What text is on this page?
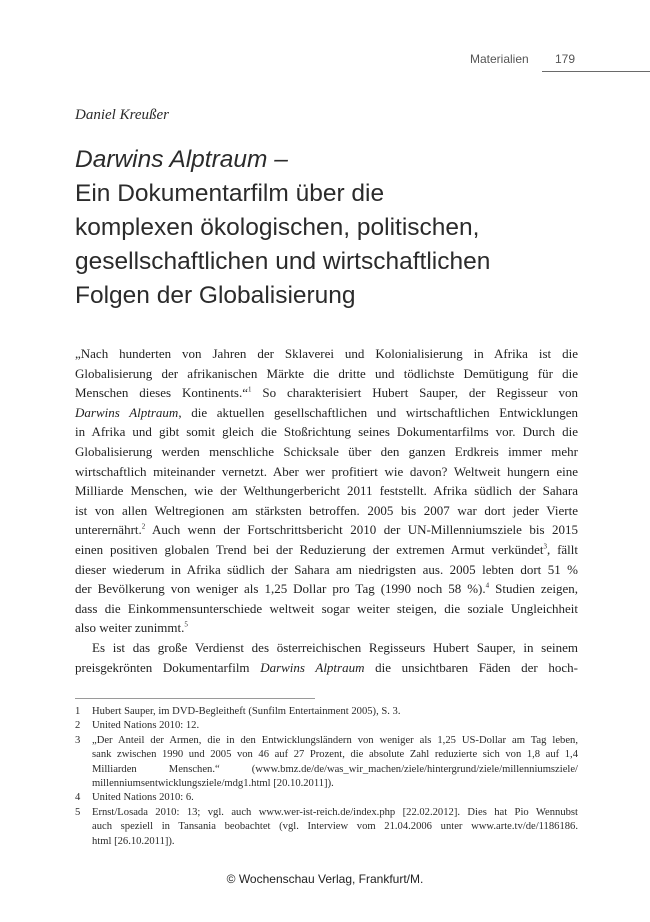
Materialien 179
Daniel Kreußer
Darwins Alptraum –
Ein Dokumentarfilm über die
komplexen ökologischen, politischen,
gesellschaftlichen und wirtschaftlichen
Folgen der Globalisierung
„Nach hunderten von Jahren der Sklaverei und Kolonialisierung in Afrika ist die
Globalisierung der afrikanischen Märkte die dritte und tödlichste Demütigung für die
Menschen dieses Kontinents.“$^1$ So charakterisiert Hubert Sauper, der Regisseur von
Darwins Alptraum, die aktuellen gesellschaftlichen und wirtschaftlichen Entwicklungen
in Afrika und gibt somit gleich die Stoßrichtung seines Dokumentarfilms vor. Durch die
Globalisierung werden menschliche Schicksale über den ganzen Erdkreis immer mehr
wirtschaftlich miteinander vernetzt. Aber wer profitiert wie davon? Weltweit hungern eine
Milliarde Menschen, wie der Welthungerbericht 2011 feststellt. Afrika südlich der Sahara
ist von allen Weltregionen am stärksten betroffen. 2005 bis 2007 war dort jeder Vierte
unterernährt.$^2$ Auch wenn der Fortschrittsbericht 2010 der UN-Millenniumsziele bis 2015
einen positiven globalen Trend bei der Reduzierung der extremen Armut verkündet$^3$, fällt
dieser wiederum in Afrika südlich der Sahara am niedrigsten aus. 2005 lebten dort 51 %
der Bevölkerung von weniger als 1,25 Dollar pro Tag (1990 noch 58 %).$^4$ Studien zeigen,
dass die Einkommensunterschiede weltweit sogar weiter steigen, die soziale Ungleichheit
also weiter zunimmt.$^5$
Es ist das große Verdienst des österreichischen Regisseurs Hubert Sauper, in seinem
preisgekrönten Dokumentarfilm Darwins Alptraum die unsichtbaren Fäden der hoch-
1 Hubert Sauper, im DVD-Begleitheft (Sunfilm Entertainment 2005), S. 3.
2 United Nations 2010: 12.
3 „Der Anteil der Armen, die in den Entwicklungsländern von weniger als 1,25 US-Dollar am Tag leben,
sank zwischen 1990 und 2005 von 46 auf 27 Prozent, die absolute Zahl reduzierte sich von 1,8 auf 1,4
Milliarden Menschen.“ (www.bmz.de/de/was_wir_machen/ziele/hintergrund/ziele/millenniumsziele/
millenniumsentwicklungsziele/mdg1.html [20.10.2011]).
4 United Nations 2010: 6.
5 Ernst/Losada 2010: 13; vgl. auch www.wer-ist-reich.de/index.php [22.02.2012]. Dies hat Pio Wennubst
auch speziell in Tansania beobachtet (vgl. Interview vom 21.04.2006 unter www.arte.tv/de/1186186.
html [26.10.2011]).
© Wochenschau Verlag, Frankfurt/M.
